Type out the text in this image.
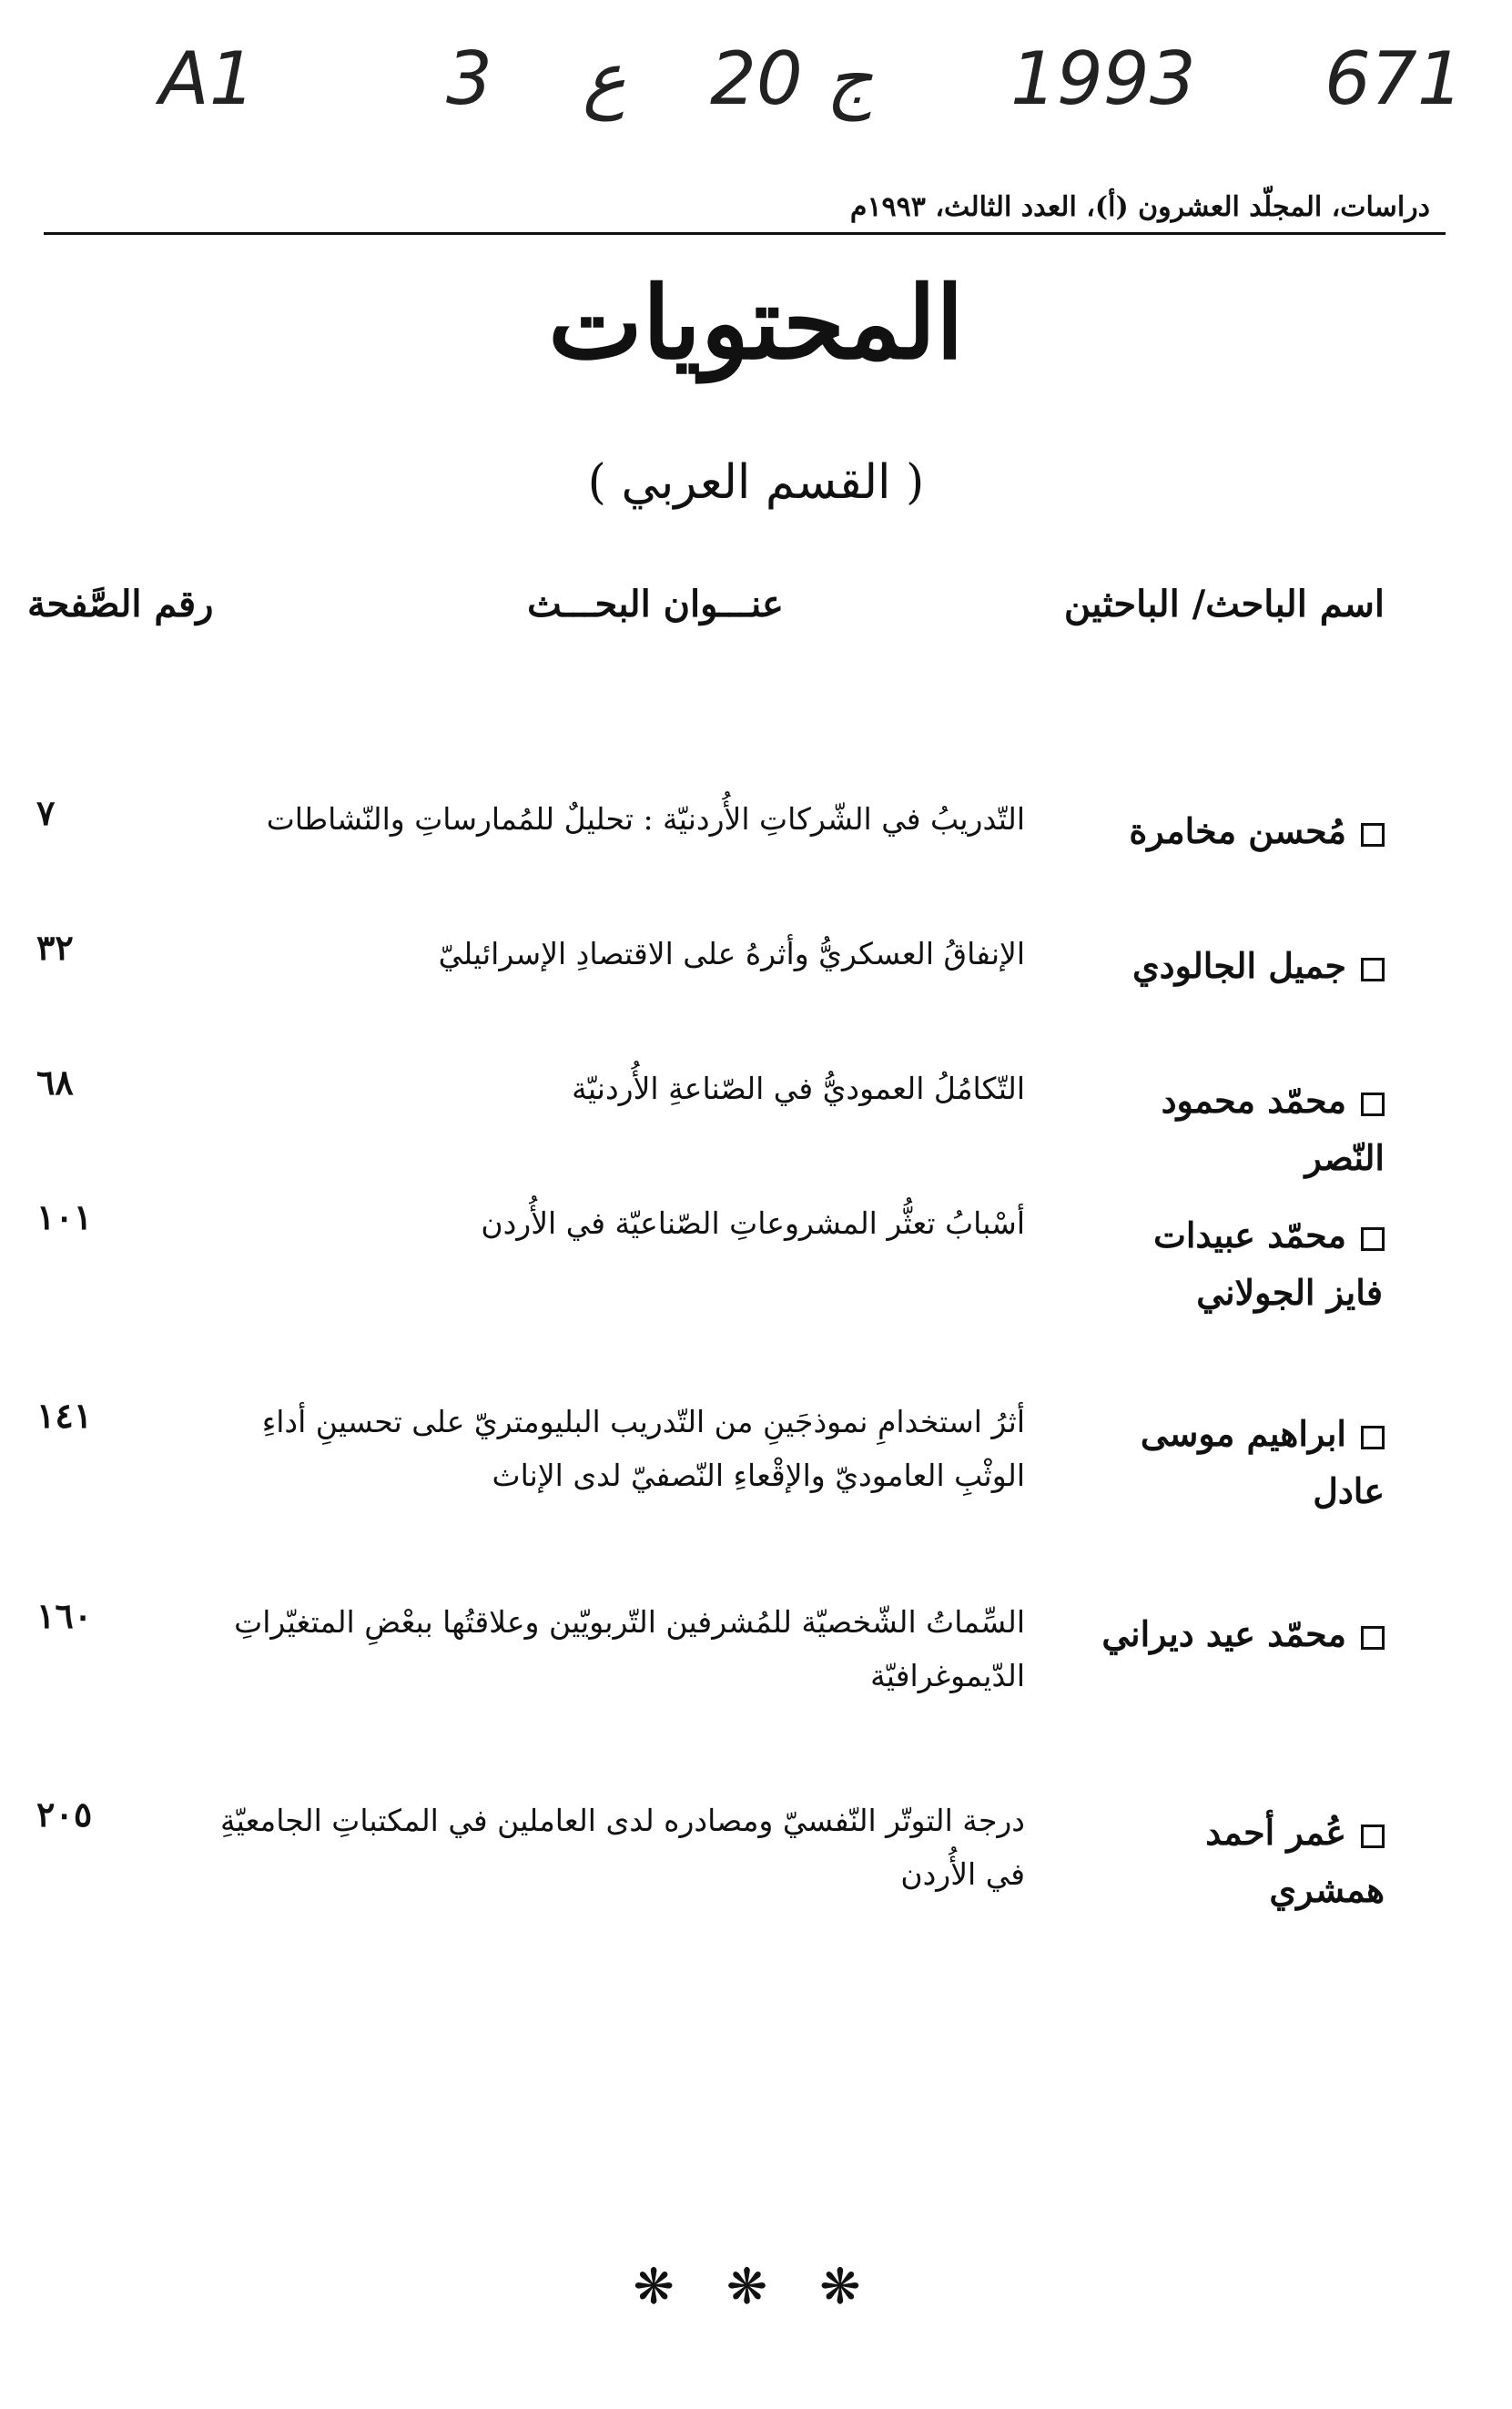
A1	3 ع 20 ج 1993 671
دراسات، المجلّد العشرون (أ)، العدد الثالث، ١٩٩٣م
المحتويات
( القسم العربي )
اسم الباحث/ الباحثين
عنـــوان البحـــث
رقم الصَّفحة
مُحسن مخامرة
التّدريبُ في الشّركاتِ الأُردنيّة : تحليلٌ للمُمارساتِ والنّشاطات
٧
جميل الجالودي
الإنفاقُ العسكريُّ وأثرهُ على الاقتصادِ الإسرائيليّ
٣٢
محمّد محمود النّصر
التّكامُلُ العموديُّ في الصّناعةِ الأُردنيّة
٦٨
محمّد عبيدات
فايز الجولاني
أسْبابُ تعثُّر المشروعاتِ الصّناعيّة في الأُردن
١٠١
ابراهيم موسى عادل
أثرُ استخدامِ نموذجَينِ من التّدريب البليومتريّ على تحسينِ أداءِ الوثْبِ العاموديّ والإقْعاءِ النّصفيّ لدى الإناث
١٤١
محمّد عيد ديراني
السِّماتُ الشّخصيّة للمُشرفين التّربويّين وعلاقتُها ببعْضِ المتغيّراتِ الدّيموغرافيّة
١٦٠
عُمر أحمد همشري
درجة التوتّر النّفسيّ ومصادره لدى العاملين في المكتباتِ الجامعيّةِ في الأُردن
٢٠٥
❋ ❋ ❋
